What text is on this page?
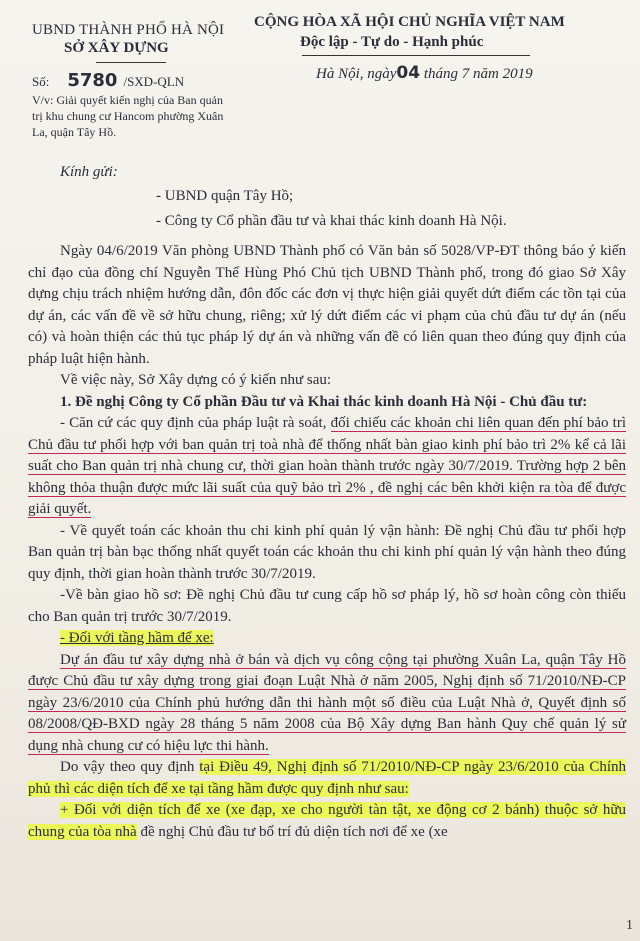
UBND THÀNH PHỐ HÀ NỘI
SỞ XÂY DỰNG
CỘNG HÒA XÃ HỘI CHỦ NGHĨA VIỆT NAM
Độc lập - Tự do - Hạnh phúc
Số: 5780 /SXD-QLN	Hà Nội, ngày04 tháng 7 năm 2019
V/v: Giải quyết kiến nghị của Ban quản trị khu chung cư Hancom phường Xuân La, quận Tây Hồ.
Kính gửi:
- UBND quận Tây Hồ;
- Công ty Cổ phần đầu tư và khai thác kinh doanh Hà Nội.
Ngày 04/6/2019 Văn phòng UBND Thành phố có Văn bản số 5028/VP-ĐT thông báo ý kiến chỉ đạo của đồng chí Nguyễn Thế Hùng Phó Chủ tịch UBND Thành phố, trong đó giao Sở Xây dựng chịu trách nhiệm hướng dẫn, đôn đốc các đơn vị thực hiện giải quyết dứt điểm các tồn tại của dự án, các vấn đề về sở hữu chung, riêng; xử lý dứt điểm các vi phạm của chủ đầu tư dự án (nếu có) và hoàn thiện các thủ tục pháp lý dự án và những vấn đề có liên quan theo đúng quy định của pháp luật hiện hành.
Về việc này, Sở Xây dựng có ý kiến như sau:
1. Đề nghị Công ty Cổ phần Đầu tư và Khai thác kinh doanh Hà Nội - Chủ đầu tư:
- Căn cứ các quy định của pháp luật rà soát, đối chiếu các khoản chi liên quan đến phí bảo trì Chủ đầu tư phối hợp với ban quản trị toà nhà để thống nhất bàn giao kinh phí bảo trì 2% kể cả lãi suất cho Ban quản trị nhà chung cư, thời gian hoàn thành trước ngày 30/7/2019. Trường hợp 2 bên không thỏa thuận được mức lãi suất của quỹ bảo trì 2% , đề nghị các bên khởi kiện ra tòa để được giải quyết.
- Về quyết toán các khoản thu chi kinh phí quản lý vận hành: Đề nghị Chủ đầu tư phối hợp Ban quản trị bàn bạc thống nhất quyết toán các khoản thu chi kinh phí quản lý vận hành theo đúng quy định, thời gian hoàn thành trước 30/7/2019.
-Về bàn giao hồ sơ: Đề nghị Chủ đầu tư cung cấp hồ sơ pháp lý, hồ sơ hoàn công còn thiếu cho Ban quản trị trước 30/7/2019.
- Đối với tầng hầm để xe:
Dự án đầu tư xây dựng nhà ở bán và dịch vụ công cộng tại phường Xuân La, quận Tây Hồ được Chủ đầu tư xây dựng trong giai đoạn Luật Nhà ở năm 2005, Nghị định số 71/2010/NĐ-CP ngày 23/6/2010 của Chính phủ hướng dẫn thi hành một số điều của Luật Nhà ở, Quyết định số 08/2008/QĐ-BXD ngày 28 tháng 5 năm 2008 của Bộ Xây dựng Ban hành Quy chế quản lý sử dụng nhà chung cư có hiệu lực thi hành.
Do vậy theo quy định tại Điều 49, Nghị định số 71/2010/NĐ-CP ngày 23/6/2010 của Chính phủ thì các diện tích để xe tại tầng hầm được quy định như sau:
+ Đối với diện tích để xe (xe đạp, xe cho người tàn tật, xe động cơ 2 bánh) thuộc sở hữu chung của tòa nhà đề nghị Chủ đầu tư bố trí đủ diện tích nơi để xe (xe
1
